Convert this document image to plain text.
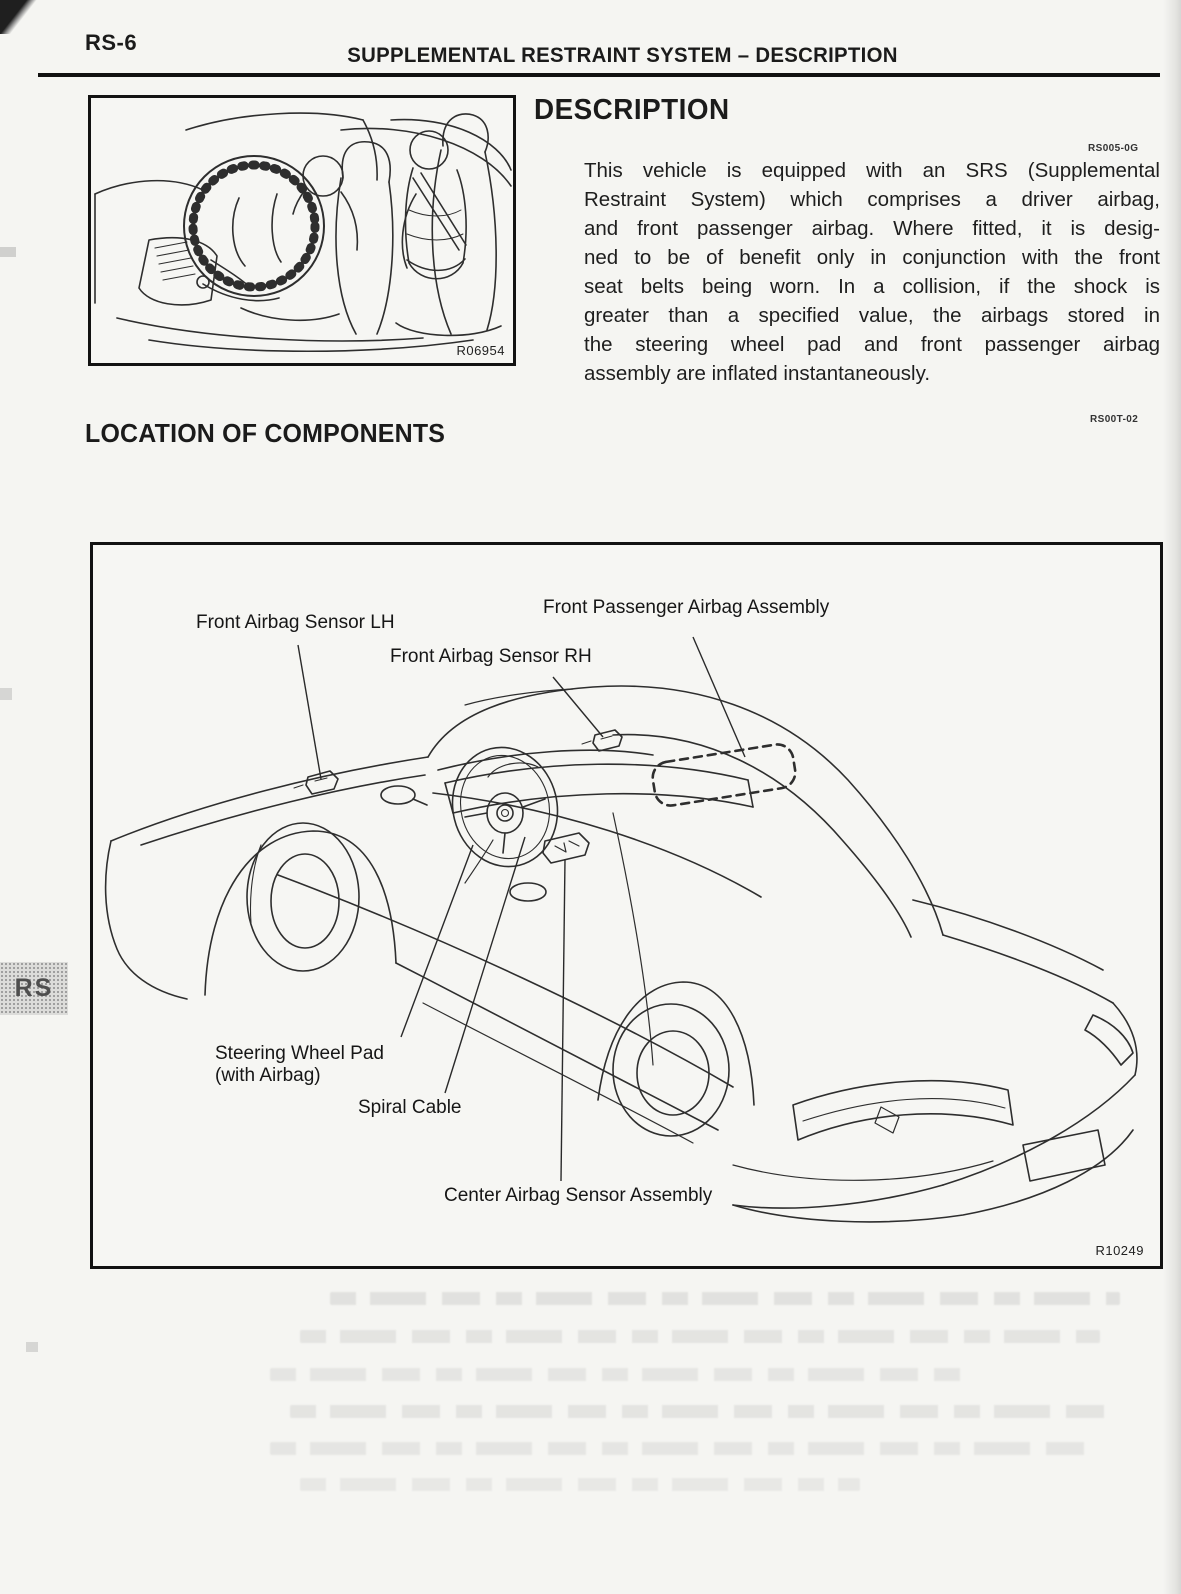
RS-6
SUPPLEMENTAL RESTRAINT SYSTEM – DESCRIPTION
R06954
DESCRIPTION
RS005-0G
This vehicle is equipped with an SRS (Supplemental
Restraint System) which comprises a driver airbag,
and front passenger airbag. Where fitted, it is desig-
ned to be of benefit only in conjunction with the front
seat belts being worn. In a collision, if the shock is
greater than a specified value, the airbags stored in
the steering wheel pad and front passenger airbag
assembly are inflated instantaneously.
LOCATION OF COMPONENTS	RS00T-02
Front Airbag Sensor LH
Front Airbag Sensor RH
Front Passenger Airbag Assembly
Steering Wheel Pad
(with Airbag)
Spiral Cable
Center Airbag Sensor Assembly
R10249
RS
